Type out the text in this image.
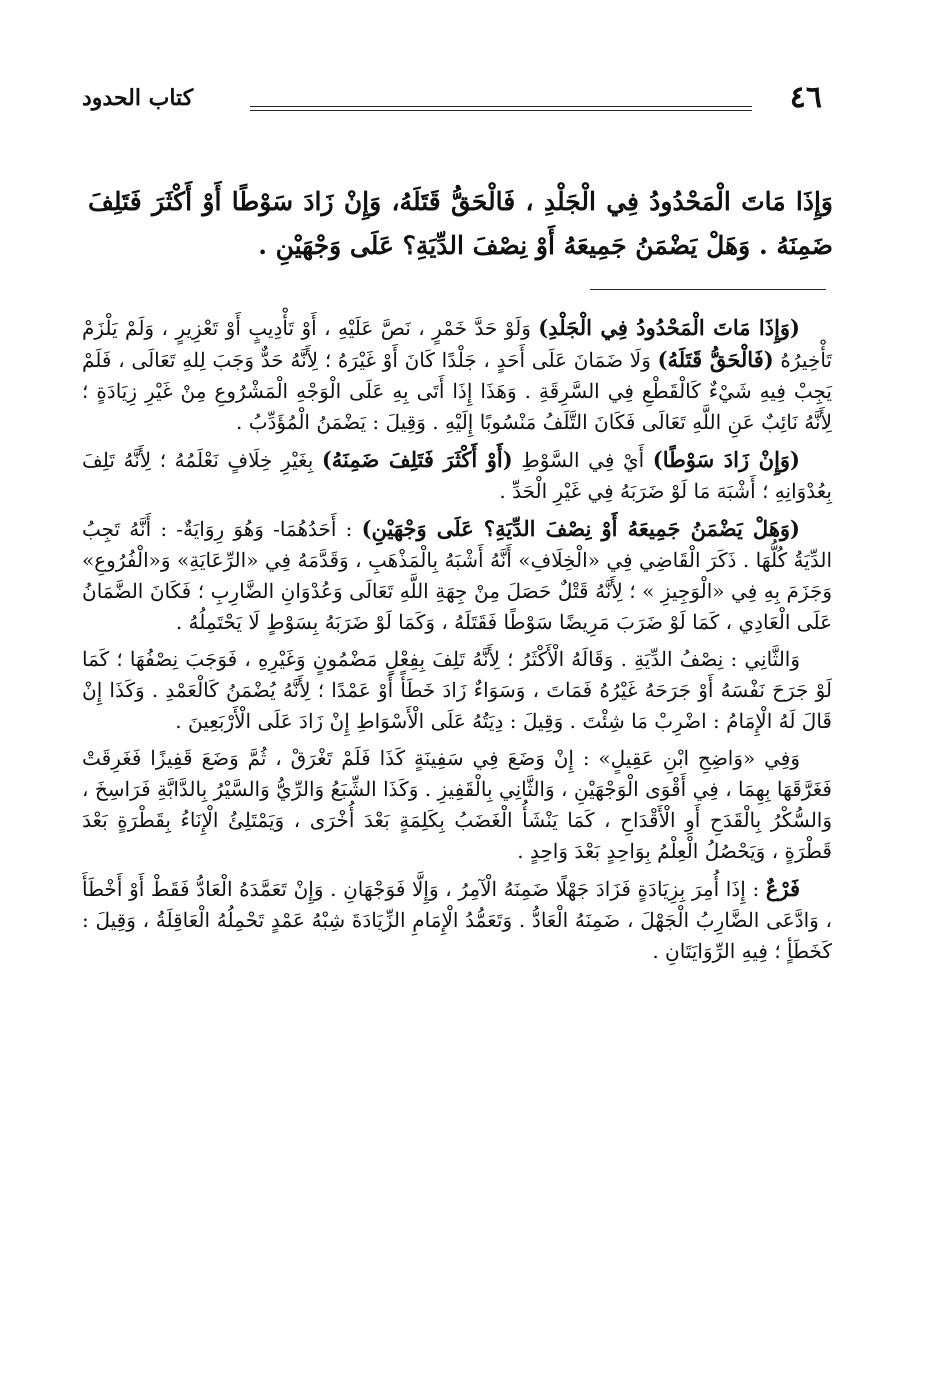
٤٦
كتاب الحدود
وَإِذَا مَاتَ الْمَحْدُودُ فِي الْجَلْدِ ، فَالْحَقُّ قَتَلَهُ، وَإِنْ زَادَ سَوْطًا أَوْ أَكْثَرَ فَتَلِفَ ضَمِنَهُ . وَهَلْ يَضْمَنُ جَمِيعَهُ أَوْ نِصْفَ الدِّيَةِ؟ عَلَى وَجْهَيْنِ .

(وَإِذَا مَاتَ الْمَحْدُودُ فِي الْجَلْدِ) وَلَوْ حَدَّ خَمْرٍ ، نَصَّ عَلَيْهِ ، أَوْ تَأْدِيبٍ أَوْ تَعْزِيرٍ ، وَلَمْ يَلْزَمْ تَأْخِيرُهُ (فَالْحَقُّ قَتَلَهُ) وَلَا ضَمَانَ عَلَى أَحَدٍ ، جَلْدًا كَانَ أَوْ غَيْرَهُ ؛ لِأَنَّهُ حَدٌّ وَجَبَ لِلهِ تَعَالَى ، فَلَمْ يَجِبْ فِيهِ شَيْءٌ كَالْقَطْعِ فِي السَّرِقَةِ . وَهَذَا إِذَا أَتَى بِهِ عَلَى الْوَجْهِ الْمَشْرُوعِ مِنْ غَيْرِ زِيَادَةٍ ؛ لِأَنَّهُ نَائِبٌ عَنِ اللَّهِ تَعَالَى فَكَانَ التَّلَفُ مَنْسُوبًا إِلَيْهِ . وَقِيلَ : يَضْمَنُ الْمُؤَدِّبُ .

(وَإِنْ زَادَ سَوْطًا) أَيْ فِي السَّوْطِ (أَوْ أَكْثَرَ فَتَلِفَ ضَمِنَهُ) بِغَيْرِ خِلَافٍ نَعْلَمُهُ ؛ لِأَنَّهُ تَلِفَ بِعُدْوَانِهِ ؛ أَشْبَهَ مَا لَوْ ضَرَبَهُ فِي غَيْرِ الْحَدِّ .

(وَهَلْ يَضْمَنُ جَمِيعَهُ أَوْ نِصْفَ الدِّيَةِ؟ عَلَى وَجْهَيْنِ) : أَحَدُهُمَا- وَهُوَ رِوَايَةٌ- : أَنَّهُ تَجِبُ الدِّيَةُ كُلُّهَا . ذَكَرَ الْقَاضِي فِي «الْخِلَافِ» أَنَّهُ أَشْبَهُ بِالْمَذْهَبِ ، وَقَدَّمَهُ فِي «الرِّعَايَةِ» وَ«الْفُرُوعِ» وَجَزَمَ بِهِ فِي «الْوَجِيزِ » ؛ لِأَنَّهُ قَتْلٌ حَصَلَ مِنْ جِهَةِ اللَّهِ تَعَالَى وَعُدْوَانِ الضَّارِبِ ؛ فَكَانَ الضَّمَانُ عَلَى الْعَادِي ، كَمَا لَوْ ضَرَبَ مَرِيضًا سَوْطًا فَقَتَلَهُ ، وَكَمَا لَوْ ضَرَبَهُ بِسَوْطٍ لَا يَحْتَمِلُهُ .

وَالثَّانِي : نِصْفُ الدِّيَةِ . وَقَالَهُ الْأَكْثَرُ ؛ لِأَنَّهُ تَلِفَ بِفِعْلٍ مَضْمُونٍ وَغَيْرِهِ ، فَوَجَبَ نِصْفُهَا ؛ كَمَا لَوْ جَرَحَ نَفْسَهُ أَوْ جَرَحَهُ غَيْرُهُ فَمَاتَ ، وَسَوَاءٌ زَادَ خَطَأً أَوْ عَمْدًا ؛ لِأَنَّهُ يُضْمَنُ كَالْعَمْدِ . وَكَذَا إِنْ قَالَ لَهُ الْإِمَامُ : اضْرِبْ مَا شِئْتَ . وَقِيلَ : دِيَتُهُ عَلَى الْأَسْوَاطِ إِنْ زَادَ عَلَى الْأَرْبَعِينَ .

وَفِي «وَاضِحِ ابْنِ عَقِيلٍ» : إِنْ وَضَعَ فِي سَفِينَةٍ كَذَا فَلَمْ تَغْرَقْ ، ثُمَّ وَضَعَ قَفِيزًا فَغَرِقَتْ فَغَرَّقَهَا بِهِمَا ، فِي أَقْوَى الْوَجْهَيْنِ ، وَالثَّانِي بِالْقَفِيزِ . وَكَذَا الشِّبَعُ وَالرِّيُّ وَالسَّيْرُ بِالدَّابَّةِ فَرَاسِخَ ، وَالسُّكْرُ بِالْقَدَحِ أَوِ الْأَقْدَاحِ ، كَمَا يَنْشَأُ الْغَضَبُ بِكَلِمَةٍ بَعْدَ أُخْرَى ، وَيَمْتَلِئُ الْإِنَاءُ بِقَطْرَةٍ بَعْدَ قَطْرَةٍ ، وَيَحْصُلُ الْعِلْمُ بِوَاحِدٍ بَعْدَ وَاحِدٍ .

فَرْعٌ : إِذَا أُمِرَ بِزِيَادَةٍ فَزَادَ جَهْلًا ضَمِنَهُ الْآمِرُ ، وَإِلَّا فَوَجْهَانِ . وَإِنْ تَعَمَّدَهُ الْعَادُّ فَقَطْ أَوْ أَخْطَأَ ، وَادَّعَى الضَّارِبُ الْجَهْلَ ، ضَمِنَهُ الْعَادُّ . وَتَعَمُّدُ الْإِمَامِ الزِّيَادَةَ شِبْهُ عَمْدٍ تَحْمِلُهُ الْعَاقِلَةُ ، وَقِيلَ : كَخَطَأٍ ؛ فِيهِ الرِّوَايَتَانِ .
